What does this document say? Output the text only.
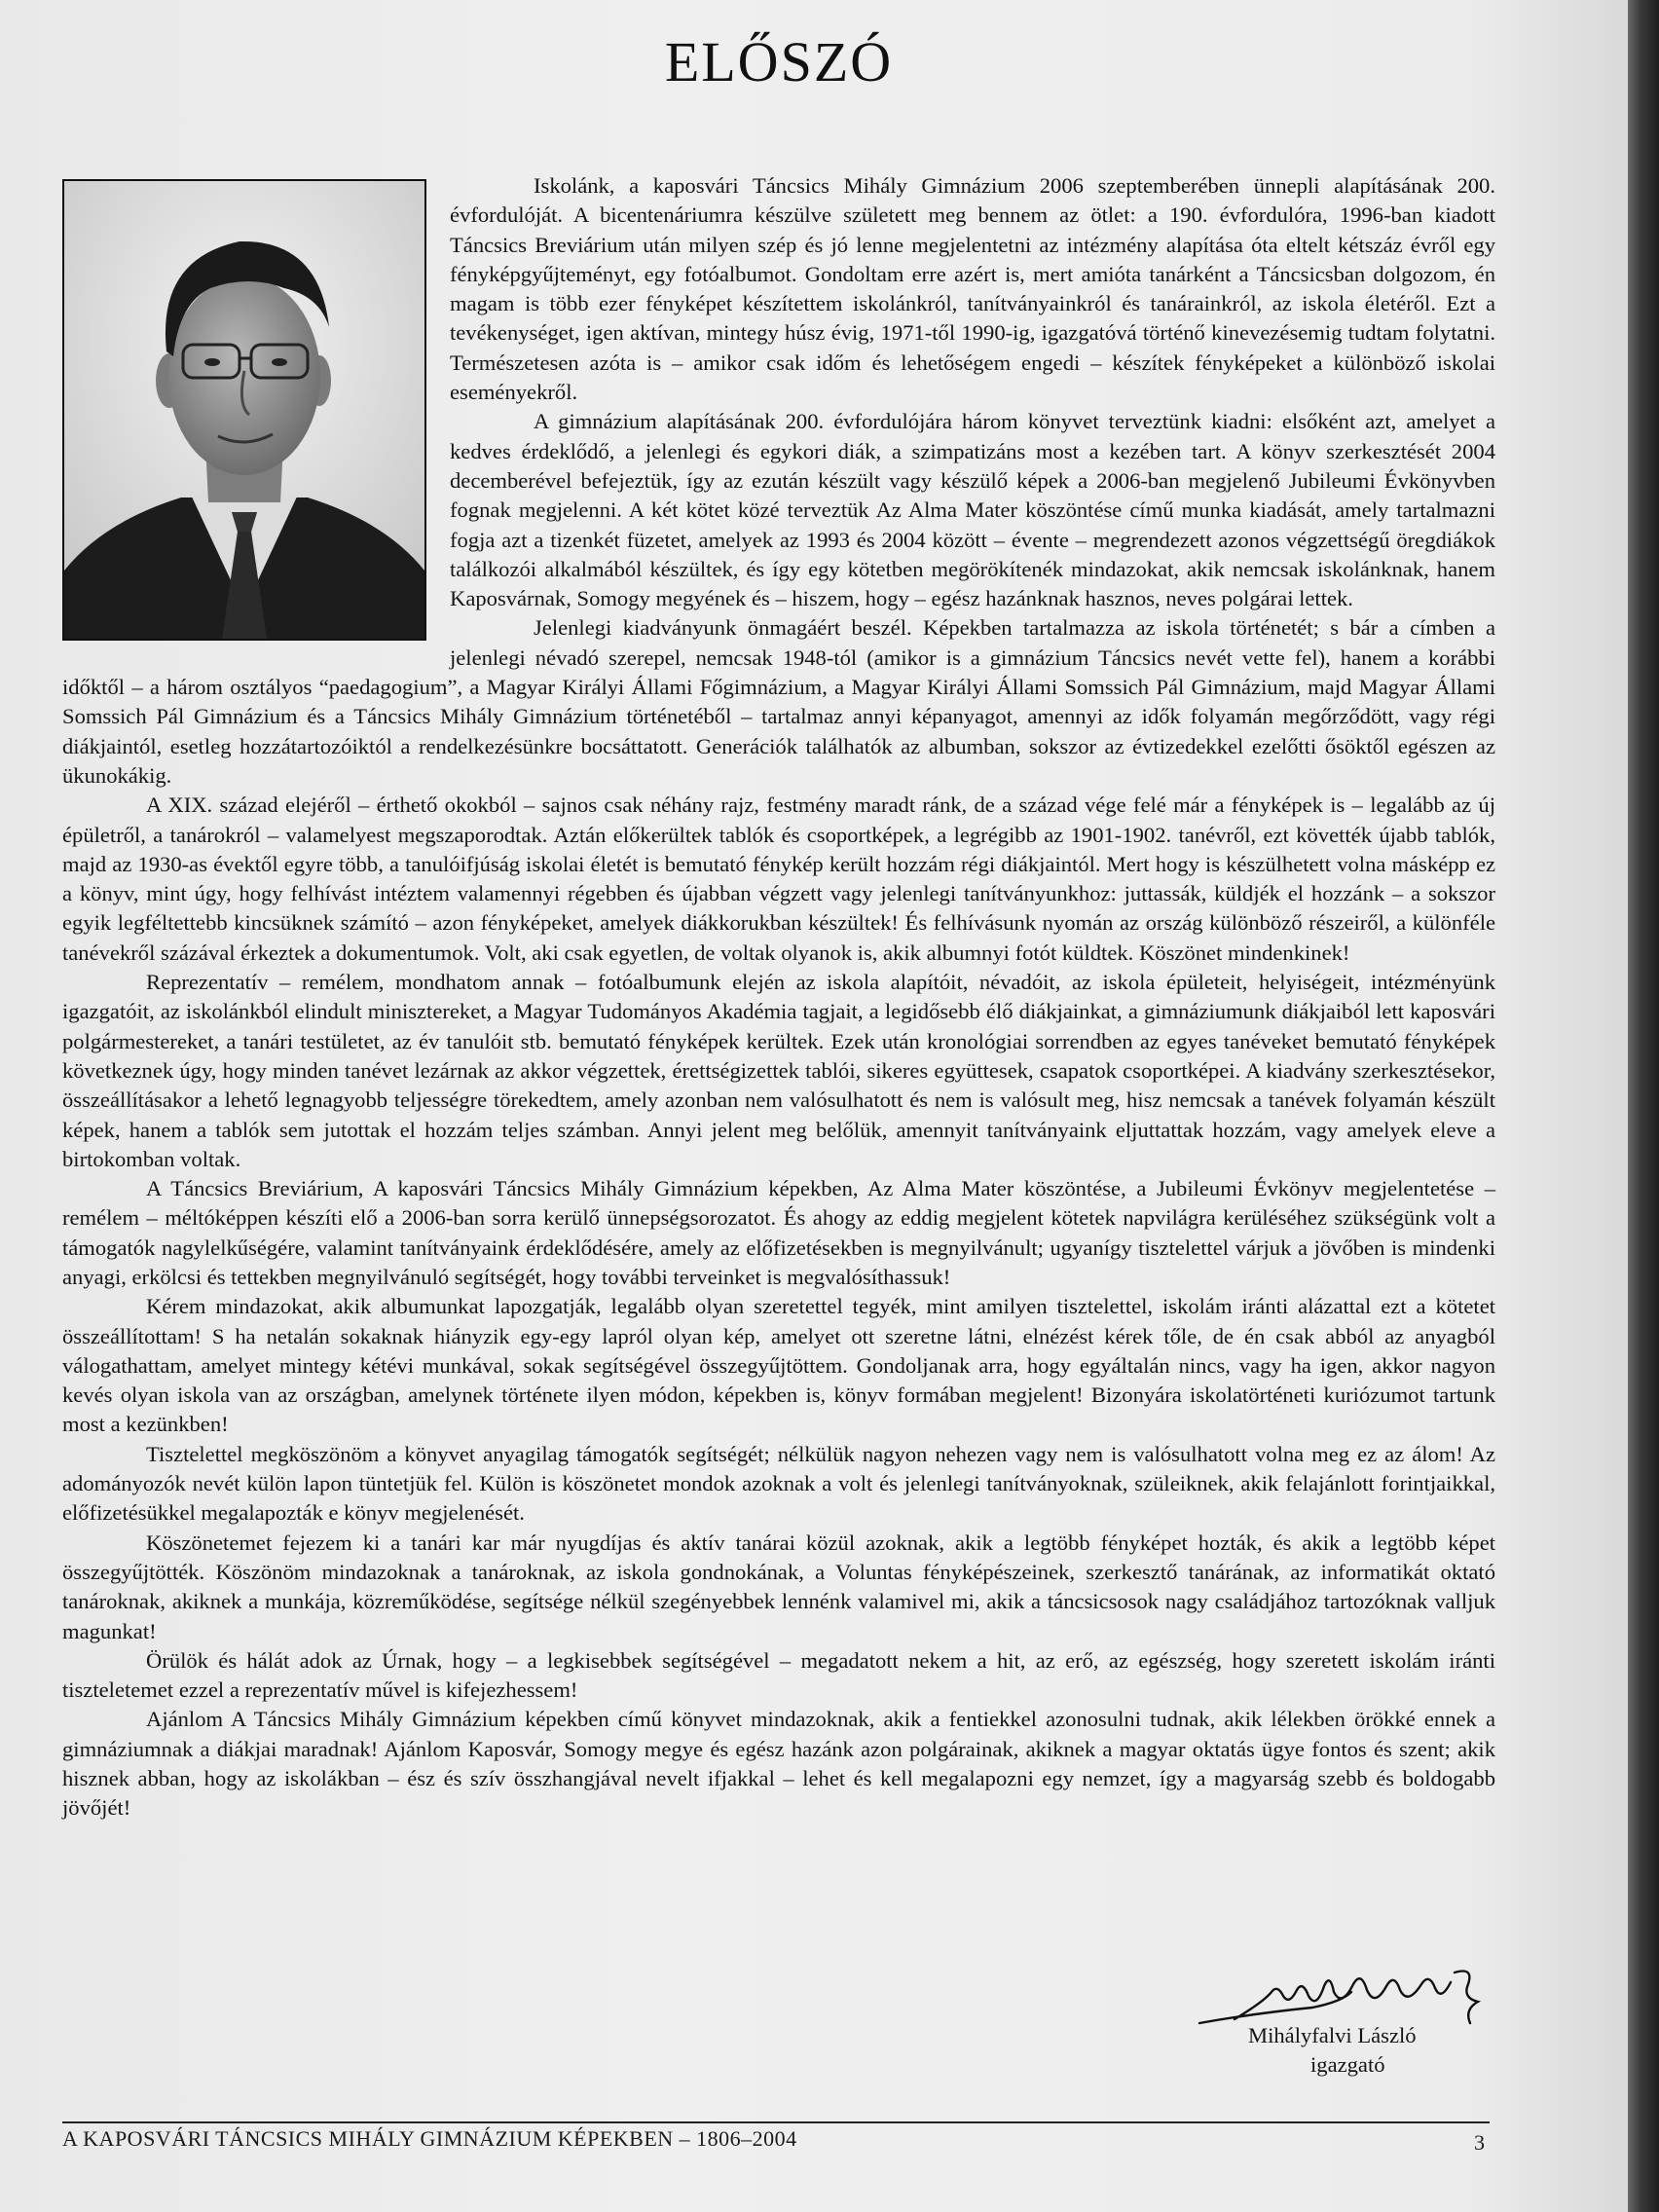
ELŐSZÓ

Iskolánk, a kaposvári Táncsics Mihály Gimnázium 2006 szeptemberében ünnepli alapításának 200. évfordulóját. A bicentenáriumra készülve született meg bennem az ötlet: a 190. évfordulóra, 1996-ban kiadott Táncsics Breviárium után milyen szép és jó lenne megjelentetni az intézmény alapítása óta eltelt kétszáz évről egy fényképgyűjteményt, egy fotóalbumot. Gondoltam erre azért is, mert amióta tanárként a Táncsicsban dolgozom, én magam is több ezer fényképet készítettem iskolánkról, tanítványainkról és tanárainkról, az iskola életéről. Ezt a tevékenységet, igen aktívan, mintegy húsz évig, 1971-től 1990-ig, igazgatóvá történő kinevezésemig tudtam folytatni. Természetesen azóta is – amikor csak időm és lehetőségem engedi – készítek fényképeket a különböző iskolai eseményekről.

A gimnázium alapításának 200. évfordulójára három könyvet terveztünk kiadni: elsőként azt, amelyet a kedves érdeklődő, a jelenlegi és egykori diák, a szimpatizáns most a kezében tart. A könyv szerkesztését 2004 decemberével befejeztük, így az ezután készült vagy készülő képek a 2006-ban megjelenő Jubileumi Évkönyvben fognak megjelenni. A két kötet közé terveztük Az Alma Mater köszöntése című munka kiadását, amely tartalmazni fogja azt a tizenkét füzetet, amelyek az 1993 és 2004 között – évente – megrendezett azonos végzettségű öregdiákok találkozói alkalmából készültek, és így egy kötetben megörökítenék mindazokat, akik nemcsak iskolánknak, hanem Kaposvárnak, Somogy megyének és – hiszem, hogy – egész hazánknak hasznos, neves polgárai lettek.

Jelenlegi kiadványunk önmagáért beszél. Képekben tartalmazza az iskola történetét; s bár a címben a jelenlegi névadó szerepel, nemcsak 1948-tól (amikor is a gimnázium Táncsics nevét vette fel), hanem a korábbi időktől – a három osztályos “paedagogium”, a Magyar Királyi Állami Főgimnázium, a Magyar Királyi Állami Somssich Pál Gimnázium, majd Magyar Állami Somssich Pál Gimnázium és a Táncsics Mihály Gimnázium történetéből – tartalmaz annyi képanyagot, amennyi az idők folyamán megőrződött, vagy régi diákjaintól, esetleg hozzátartozóiktól a rendelkezésünkre bocsáttatott. Generációk találhatók az albumban, sokszor az évtizedekkel ezelőtti ősöktől egészen az ükunokákig.

A XIX. század elejéről – érthető okokból – sajnos csak néhány rajz, festmény maradt ránk, de a század vége felé már a fényképek is – legalább az új épületről, a tanárokról – valamelyest megszaporodtak. Aztán előkerültek tablók és csoportképek, a legrégibb az 1901-1902. tanévről, ezt követték újabb tablók, majd az 1930-as évektől egyre több, a tanulóifjúság iskolai életét is bemutató fénykép került hozzám régi diákjaintól. Mert hogy is készülhetett volna másképp ez a könyv, mint úgy, hogy felhívást intéztem valamennyi régebben és újabban végzett vagy jelenlegi tanítványunkhoz: juttassák, küldjék el hozzánk – a sokszor egyik legféltettebb kincsüknek számító – azon fényképeket, amelyek diákkorukban készültek! És felhívásunk nyomán az ország különböző részeiről, a különféle tanévekről százával érkeztek a dokumentumok. Volt, aki csak egyetlen, de voltak olyanok is, akik albumnyi fotót küldtek. Köszönet mindenkinek!

Reprezentatív – remélem, mondhatom annak – fotóalbumunk elején az iskola alapítóit, névadóit, az iskola épületeit, helyiségeit, intézményünk igazgatóit, az iskolánkból elindult minisztereket, a Magyar Tudományos Akadémia tagjait, a legidősebb élő diákjainkat, a gimnáziumunk diákjaiból lett kaposvári polgármestereket, a tanári testületet, az év tanulóit stb. bemutató fényképek kerültek. Ezek után kronológiai sorrendben az egyes tanéveket bemutató fényképek következnek úgy, hogy minden tanévet lezárnak az akkor végzettek, érettségizettek tablói, sikeres együttesek, csapatok csoportképei. A kiadvány szerkesztésekor, összeállításakor a lehető legnagyobb teljességre törekedtem, amely azonban nem valósulhatott és nem is valósult meg, hisz nemcsak a tanévek folyamán készült képek, hanem a tablók sem jutottak el hozzám teljes számban. Annyi jelent meg belőlük, amennyit tanítványaink eljuttattak hozzám, vagy amelyek eleve a birtokomban voltak.

A Táncsics Breviárium, A kaposvári Táncsics Mihály Gimnázium képekben, Az Alma Mater köszöntése, a Jubileumi Évkönyv megjelentetése – remélem – méltóképpen készíti elő a 2006-ban sorra kerülő ünnepségsorozatot. És ahogy az eddig megjelent kötetek napvilágra kerüléséhez szükségünk volt a támogatók nagylelkűségére, valamint tanítványaink érdeklődésére, amely az előfizetésekben is megnyilvánult; ugyanígy tisztelettel várjuk a jövőben is mindenki anyagi, erkölcsi és tettekben megnyilvánuló segítségét, hogy további terveinket is megvalósíthassuk!

Kérem mindazokat, akik albumunkat lapozgatják, legalább olyan szeretettel tegyék, mint amilyen tisztelettel, iskolám iránti alázattal ezt a kötetet összeállítottam! S ha netalán sokaknak hiányzik egy-egy lapról olyan kép, amelyet ott szeretne látni, elnézést kérek tőle, de én csak abból az anyagból válogathattam, amelyet mintegy kétévi munkával, sokak segítségével összegyűjtöttem. Gondoljanak arra, hogy egyáltalán nincs, vagy ha igen, akkor nagyon kevés olyan iskola van az országban, amelynek története ilyen módon, képekben is, könyv formában megjelent! Bizonyára iskolatörténeti kuriózumot tartunk most a kezünkben!

Tisztelettel megköszönöm a könyvet anyagilag támogatók segítségét; nélkülük nagyon nehezen vagy nem is valósulhatott volna meg ez az álom! Az adományozók nevét külön lapon tüntetjük fel. Külön is köszönetet mondok azoknak a volt és jelenlegi tanítványoknak, szüleiknek, akik felajánlott forintjaikkal, előfizetésükkel megalapozták e könyv megjelenését.

Köszönetemet fejezem ki a tanári kar már nyugdíjas és aktív tanárai közül azoknak, akik a legtöbb fényképet hozták, és akik a legtöbb képet összegyűjtötték. Köszönöm mindazoknak a tanároknak, az iskola gondnokának, a Voluntas fényképészeinek, szerkesztő tanárának, az informatikát oktató tanároknak, akiknek a munkája, közreműködése, segítsége nélkül szegényebbek lennénk valamivel mi, akik a táncsicsosok nagy családjához tartozóknak valljuk magunkat!

Örülök és hálát adok az Úrnak, hogy – a legkisebbek segítségével – megadatott nekem a hit, az erő, az egészség, hogy szeretett iskolám iránti tiszteletemet ezzel a reprezentatív művel is kifejezhessem!

Ajánlom A Táncsics Mihály Gimnázium képekben című könyvet mindazoknak, akik a fentiekkel azonosulni tudnak, akik lélekben örökké ennek a gimnáziumnak a diákjai maradnak! Ajánlom Kaposvár, Somogy megye és egész hazánk azon polgárainak, akiknek a magyar oktatás ügye fontos és szent; akik hisznek abban, hogy az iskolákban – ész és szív összhangjával nevelt ifjakkal – lehet és kell megalapozni egy nemzet, így a magyarság szebb és boldogabb jövőjét!

Mihályfalvi László
igazgató
A KAPOSVÁRI TÁNCSICS MIHÁLY GIMNÁZIUM KÉPEKBEN – 1806–2004	3
